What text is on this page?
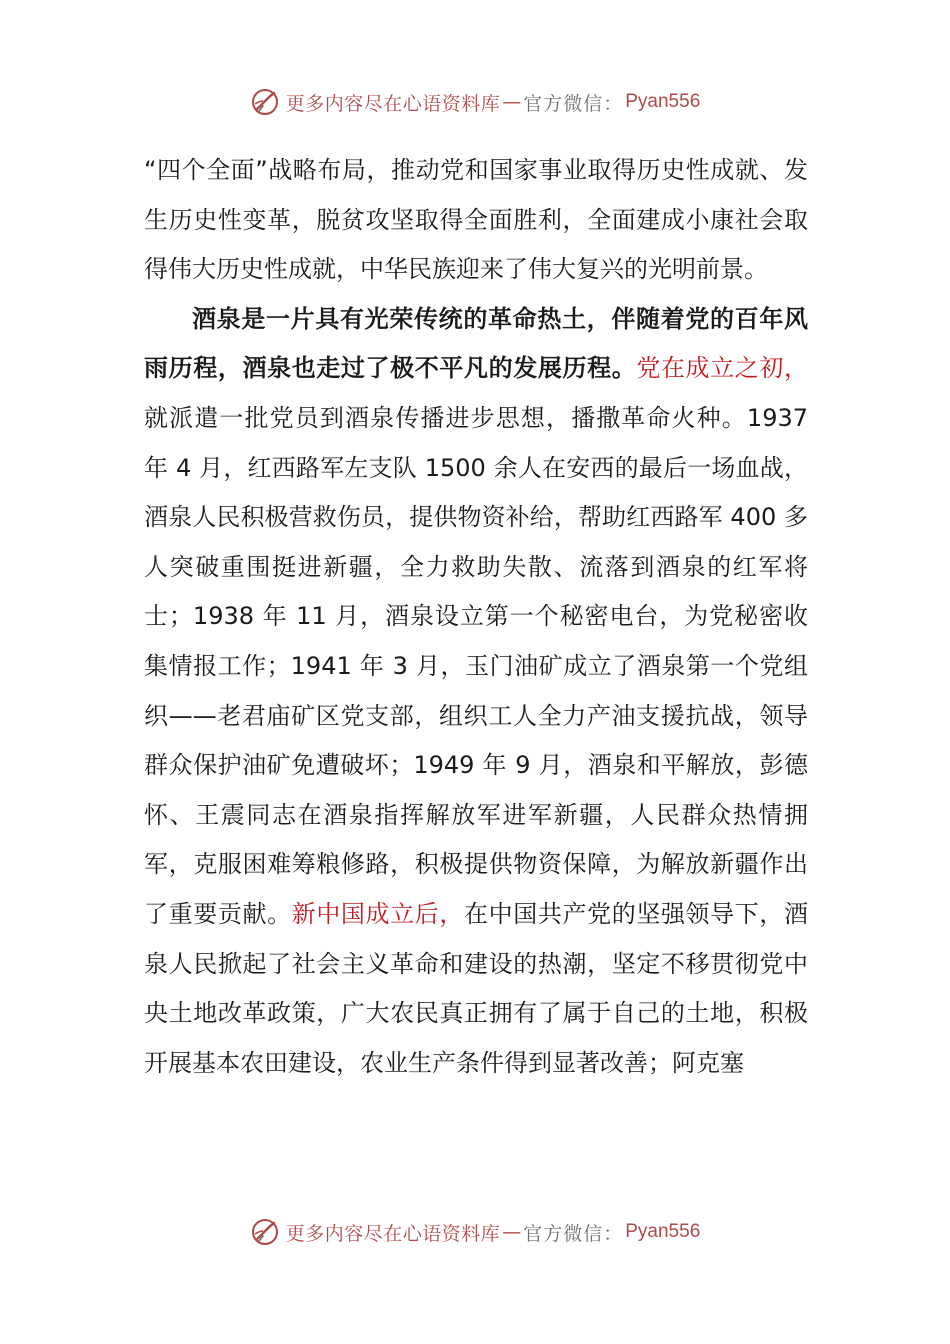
更多内容尽在心语资料库 — 官方微信： Pyan556

“四个全面”战略布局，推动党和国家事业取得历史性成就、发生历史性变革，脱贫攻坚取得全面胜利，全面建成小康社会取得伟大历史性成就，中华民族迎来了伟大复兴的光明前景。

酒泉是一片具有光荣传统的革命热土，伴随着党的百年风雨历程，酒泉也走过了极不平凡的发展历程。党在成立之初，就派遣一批党员到酒泉传播进步思想，播撒革命火种。1937 年 4 月，红西路军左支队 1500 余人在安西的最后一场血战，酒泉人民积极营救伤员，提供物资补给，帮助红西路军 400 多人突破重围挺进新疆，全力救助失散、流落到酒泉的红军将士；1938 年 11 月，酒泉设立第一个秘密电台，为党秘密收集情报工作；1941 年 3 月，玉门油矿成立了酒泉第一个党组织——老君庙矿区党支部，组织工人全力产油支援抗战，领导群众保护油矿免遭破坏；1949 年 9 月，酒泉和平解放，彭德怀、王震同志在酒泉指挥解放军进军新疆，人民群众热情拥军，克服困难筹粮修路，积极提供物资保障，为解放新疆作出了重要贡献。新中国成立后，在中国共产党的坚强领导下，酒泉人民掀起了社会主义革命和建设的热潮，坚定不移贯彻党中央土地改革政策，广大农民真正拥有了属于自己的土地，积极开展基本农田建设，农业生产条件得到显著改善；阿克塞

更多内容尽在心语资料库 — 官方微信： Pyan556
